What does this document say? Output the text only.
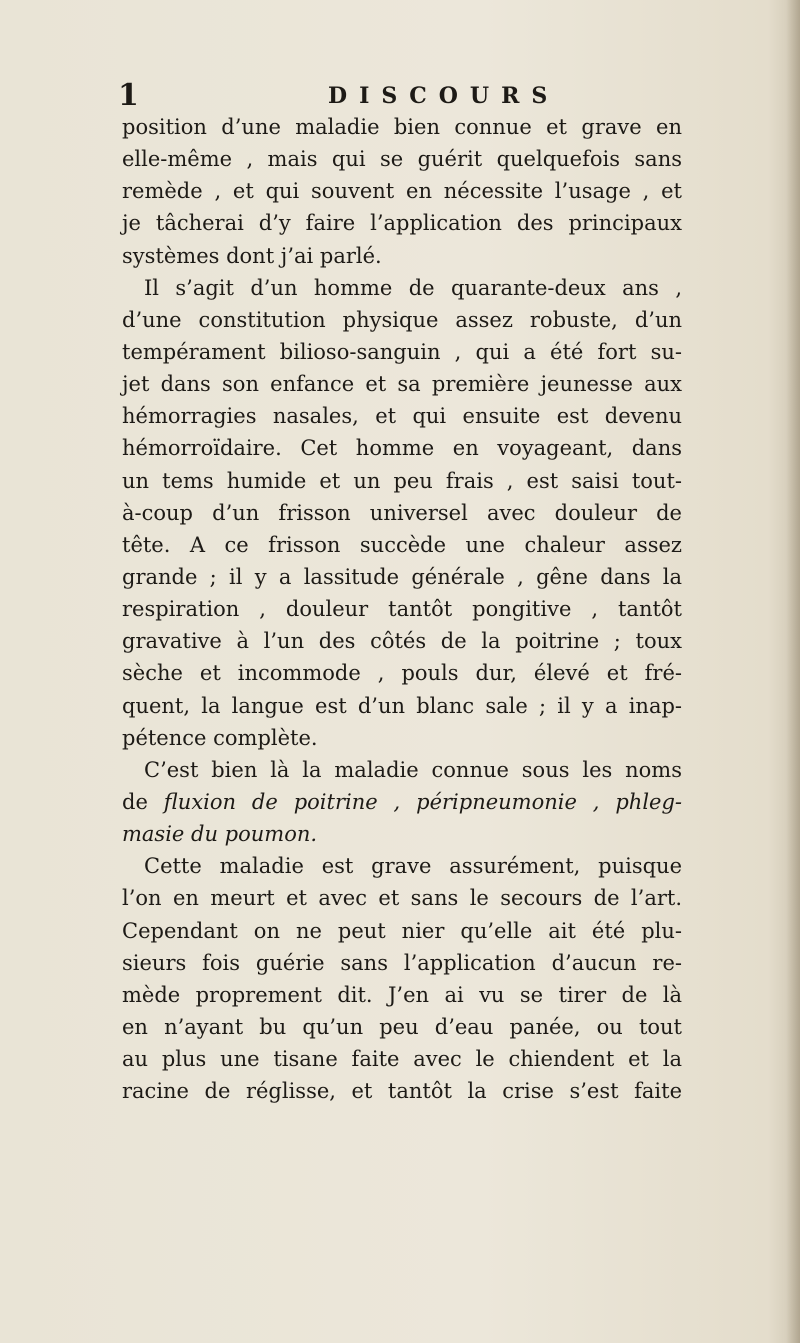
1	DISCOURS
position d’une maladie bien connue et grave en
elle-même , mais qui se guérit quelquefois sans
remède , et qui souvent en nécessite l’usage , et
je tâcherai d’y faire l’application des principaux
systèmes dont j’ai parlé.
Il s’agit d’un homme de quarante-deux ans ,
d’une constitution physique assez robuste, d’un
tempérament bilioso-sanguin , qui a été fort su-
jet dans son enfance et sa première jeunesse aux
hémorragies nasales, et qui ensuite est devenu
hémorroïdaire. Cet homme en voyageant, dans
un tems humide et un peu frais , est saisi tout-
à-coup d’un frisson universel avec douleur de
tête. A ce frisson succède une chaleur assez
grande ; il y a lassitude générale , gêne dans la
respiration , douleur tantôt pongitive , tantôt
gravative à l’un des côtés de la poitrine ; toux
sèche et incommode , pouls dur, élevé et fré-
quent, la langue est d’un blanc sale ; il y a inap-
pétence complète.
C’est bien là la maladie connue sous les noms
de fluxion de poitrine , péripneumonie , phleg-
masie du poumon.
Cette maladie est grave assurément, puisque
l’on en meurt et avec et sans le secours de l’art.
Cependant on ne peut nier qu’elle ait été plu-
sieurs fois guérie sans l’application d’aucun re-
mède proprement dit. J’en ai vu se tirer de là
en n’ayant bu qu’un peu d’eau panée, ou tout
au plus une tisane faite avec le chiendent et la
racine de réglisse, et tantôt la crise s’est faite
